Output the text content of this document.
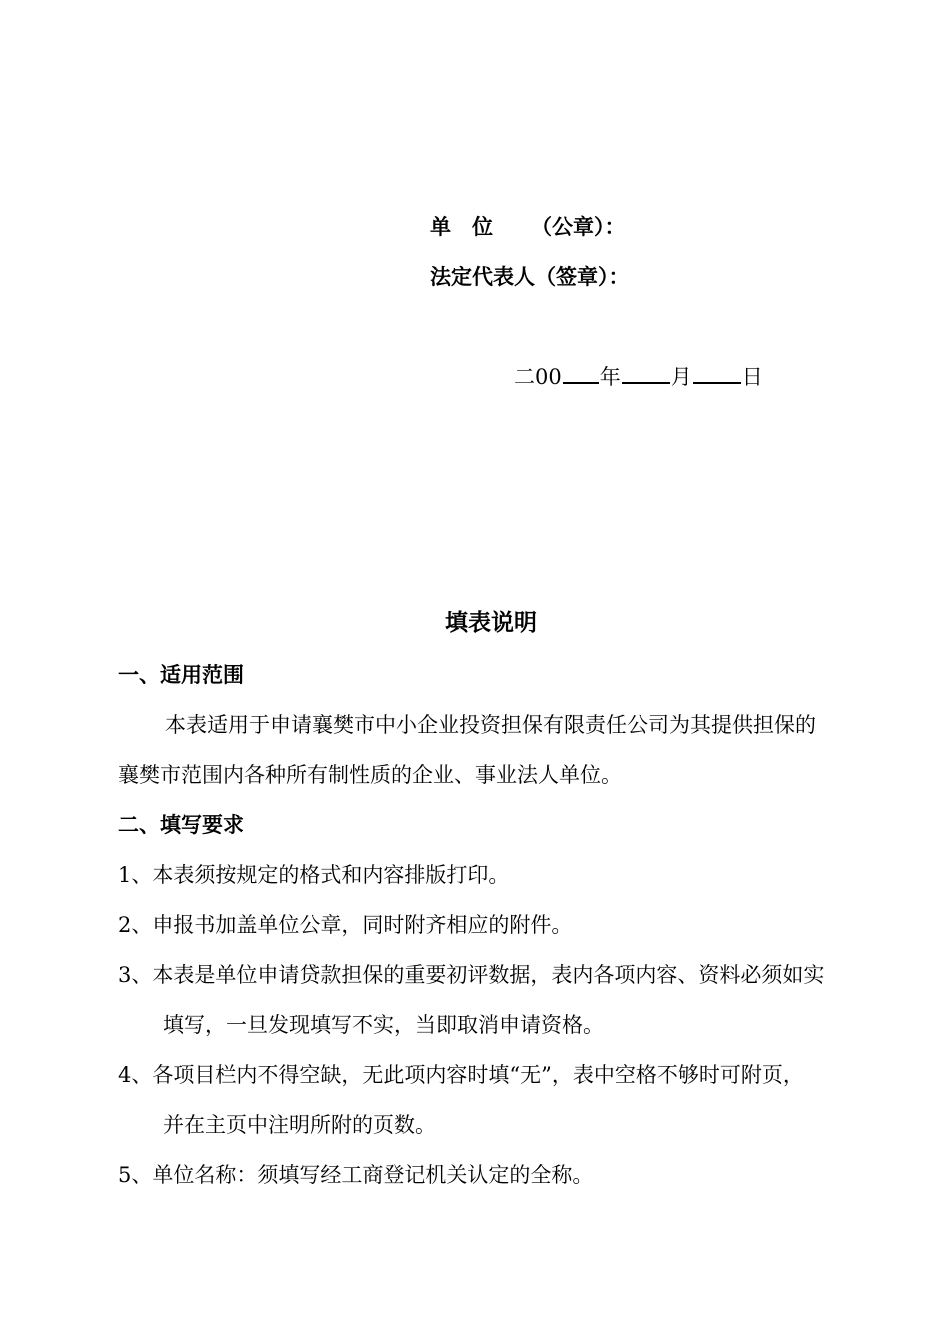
单　位 （公章）：
法定代表人（签章）：
二00 年 月 日
填表说明
一、适用范围
本表适用于申请襄樊市中小企业投资担保有限责任公司为其提供担保的
襄樊市范围内各种所有制性质的企业、事业法人单位。
二、填写要求
1、本表须按规定的格式和内容排版打印。
2、申报书加盖单位公章，同时附齐相应的附件。
3、本表是单位申请贷款担保的重要初评数据，表内各项内容、资料必须如实
填写，一旦发现填写不实，当即取消申请资格。
4、各项目栏内不得空缺，无此项内容时填“无”，表中空格不够时可附页，
并在主页中注明所附的页数。
5、单位名称：须填写经工商登记机关认定的全称。
